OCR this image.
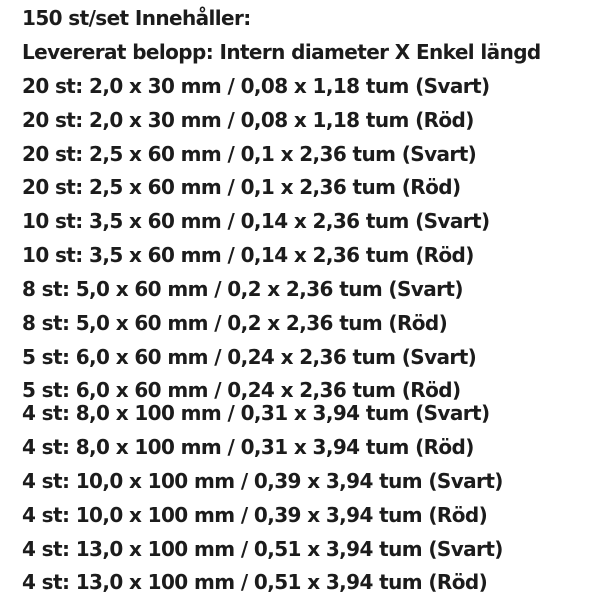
150 st/set Innehåller:
Levererat belopp: Intern diameter X Enkel längd
20 st: 2,0 x 30 mm / 0,08 x 1,18 tum (Svart)
20 st: 2,0 x 30 mm / 0,08 x 1,18 tum (Röd)
20 st: 2,5 x 60 mm / 0,1 x 2,36 tum (Svart)
20 st: 2,5 x 60 mm / 0,1 x 2,36 tum (Röd)
10 st: 3,5 x 60 mm / 0,14 x 2,36 tum (Svart)
10 st: 3,5 x 60 mm / 0,14 x 2,36 tum (Röd)
8 st: 5,0 x 60 mm / 0,2 x 2,36 tum (Svart)
8 st: 5,0 x 60 mm / 0,2 x 2,36 tum (Röd)
5 st: 6,0 x 60 mm / 0,24 x 2,36 tum (Svart)
5 st: 6,0 x 60 mm / 0,24 x 2,36 tum (Röd)
4 st: 8,0 x 100 mm / 0,31 x 3,94 tum (Svart)
4 st: 8,0 x 100 mm / 0,31 x 3,94 tum (Röd)
4 st: 10,0 x 100 mm / 0,39 x 3,94 tum (Svart)
4 st: 10,0 x 100 mm / 0,39 x 3,94 tum (Röd)
4 st: 13,0 x 100 mm / 0,51 x 3,94 tum (Svart)
4 st: 13,0 x 100 mm / 0,51 x 3,94 tum (Röd)
